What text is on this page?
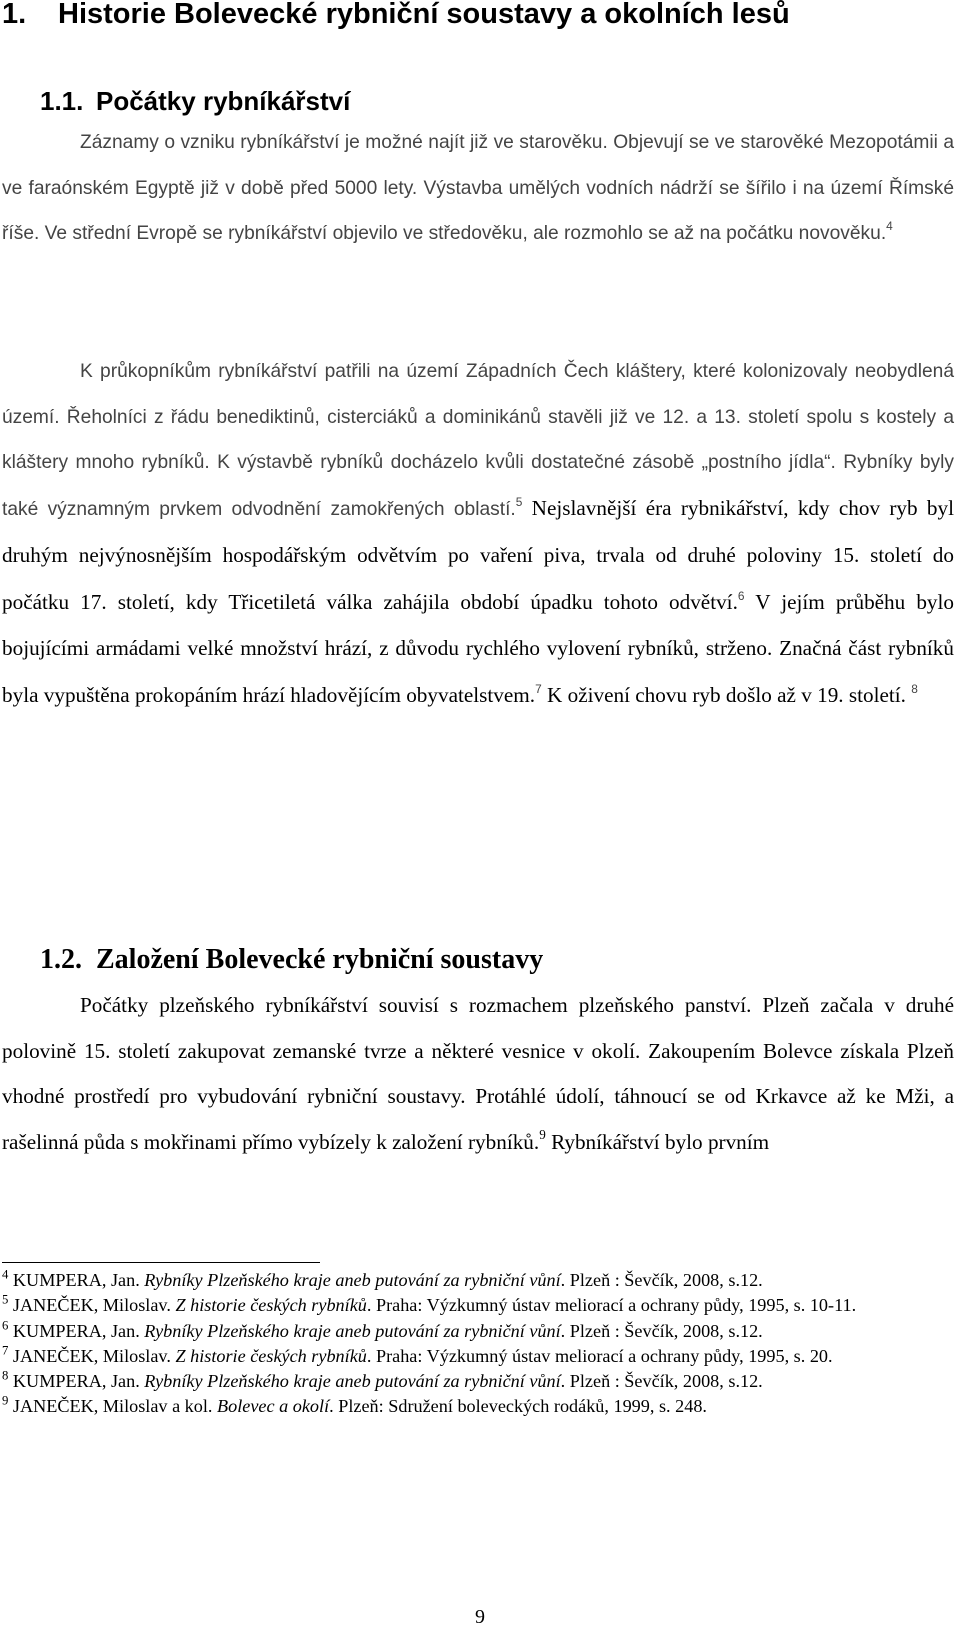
1. Historie Bolevecké rybniční soustavy a okolních lesů
1.1. Počátky rybníkářství

Záznamy o vzniku rybníkářství je možné najít již ve starověku. Objevují se ve starověké Mezopotámii a ve faraónském Egyptě již v době před 5000 lety. Výstavba umělých vodních nádrží se šířilo i na území Římské říše. Ve střední Evropě se rybníkářství objevilo ve středověku, ale rozmohlo se až na počátku novověku.$^4$

K průkopníkům rybníkářství patřili na území Západních Čech kláštery, které kolonizovaly neobydlená území. Řeholníci z řádu benediktinů, cisterciáků a dominikánů stavěli již ve 12. a 13. století spolu s kostely a kláštery mnoho rybníků. K výstavbě rybníků docházelo kvůli dostatečné zásobě „postního jídla“. Rybníky byly také významným prvkem odvodnění zamokřených oblastí.$^5$ Nejslavnější éra rybnikářství, kdy chov ryb byl druhým nejvýnosnějším hospodářským odvětvím po vaření piva, trvala od druhé poloviny 15. století do počátku 17. století, kdy Třicetiletá válka zahájila období úpadku tohoto odvětví.$^6$ V jejím průběhu bylo bojujícími armádami velké množství hrází, z důvodu rychlého vylovení rybníků, strženo. Značná část rybníků byla vypuštěna prokopáním hrází hladovějícím obyvatelstvem.$^7$ K oživení chovu ryb došlo až v 19. století. $^8$

1.2. Založení Bolevecké rybniční soustavy

Počátky plzeňského rybníkářství souvisí s rozmachem plzeňského panství. Plzeň začala v druhé polovině 15. století zakupovat zemanské tvrze a některé vesnice v okolí. Zakoupením Bolevce získala Plzeň vhodné prostředí pro vybudování rybniční soustavy. Protáhlé údolí, táhnoucí se od Krkavce až ke Mži, a rašelinná půda s mokřinami přímo vybízely k založení rybníků.$^9$ Rybníkářství bylo prvním

$^4$ KUMPERA, Jan. Rybníky Plzeňského kraje aneb putování za rybniční vůní. Plzeň : Ševčík, 2008, s.12.

$^5$ JANEČEK, Miloslav. Z historie českých rybníků. Praha: Výzkumný ústav meliorací a ochrany půdy, 1995, s. 10-11.

$^6$ KUMPERA, Jan. Rybníky Plzeňského kraje aneb putování za rybniční vůní. Plzeň : Ševčík, 2008, s.12.

$^7$ JANEČEK, Miloslav. Z historie českých rybníků. Praha: Výzkumný ústav meliorací a ochrany půdy, 1995, s. 20.

$^8$ KUMPERA, Jan. Rybníky Plzeňského kraje aneb putování za rybniční vůní. Plzeň : Ševčík, 2008, s.12.

$^9$ JANEČEK, Miloslav a kol. Bolevec a okolí. Plzeň: Sdružení boleveckých rodáků, 1999, s. 248.

9
